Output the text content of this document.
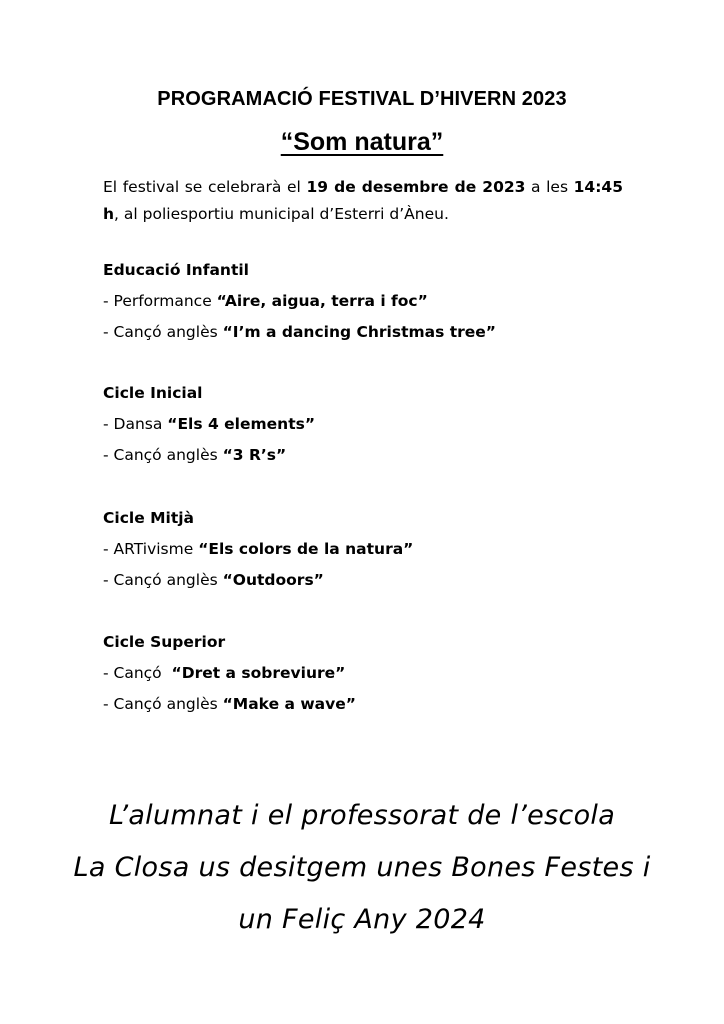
PROGRAMACIÓ FESTIVAL D’HIVERN 2023
“Som natura”
El festival se celebrarà el 19 de desembre de 2023 a les 14:45 h, al poliesportiu municipal d’Esterri d’Àneu.
Educació Infantil
- Performance “Aire, aigua, terra i foc”
- Cançó anglès “I’m a dancing Christmas tree”
Cicle Inicial
- Dansa “Els 4 elements”
- Cançó anglès “3 R’s”
Cicle Mitjà
- ARTivisme “Els colors de la natura”
- Cançó anglès “Outdoors”
Cicle Superior
- Cançó  “Dret a sobreviure”
- Cançó anglès “Make a wave”
L’alumnat i el professorat de l’escola
La Closa us desitgem unes Bones Festes i
un Feliç Any 2024
